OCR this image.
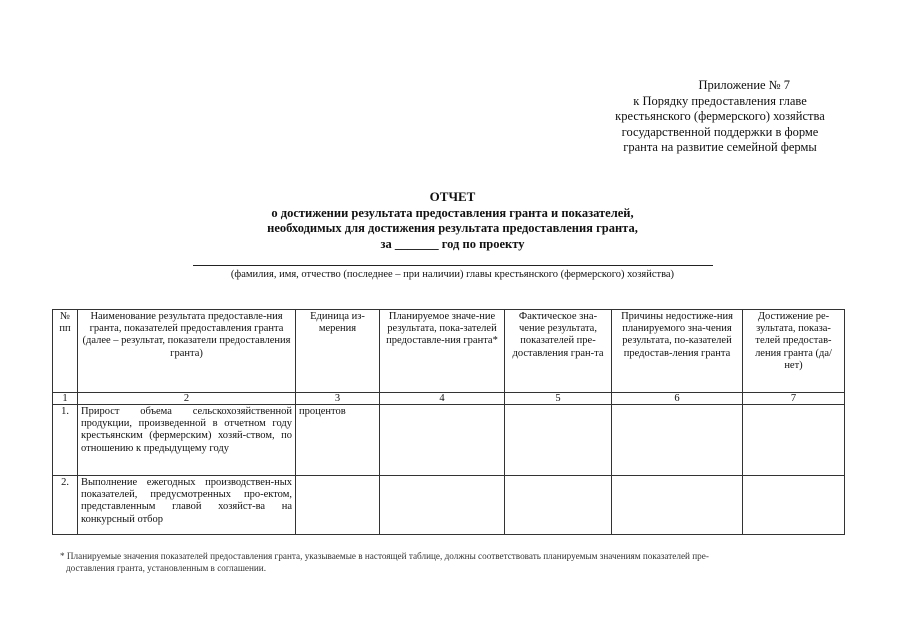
Приложение № 7
к Порядку предоставления главе
крестьянского (фермерского) хозяйства
государственной поддержки в форме
гранта на развитие семейной фермы
ОТЧЕТ
о достижении результата предоставления гранта и показателей,
необходимых для достижения результата предоставления гранта,
за _______ год по проекту
(фамилия, имя, отчество (последнее – при наличии) главы крестьянского (фермерского) хозяйства)
№ пп	Наименование результата предоставле-ния гранта, показателей предоставления гранта (далее – результат, показатели предоставления гранта)	Единица из-мерения	Планируемое значе-ние результата, пока-зателей предоставле-ния гранта*	Фактическое зна-чение результата, показателей пре-доставления гран-та	Причины недостиже-ния планируемого зна-чения результата, по-казателей предостав-ления гранта	Достижение ре-зультата, показа-телей предостав-ления гранта (да/нет)
1	2	3	4	5	6	7
1.	Прирост объема сельскохозяйственной продукции, произведенной в отчетном году крестьянским (фермерским) хозяй-ством, по отношению к предыдущему году	процентов				
2.	Выполнение ежегодных производствен-ных показателей, предусмотренных про-ектом, представленным главой хозяйст-ва на конкурсный отбор					
* Планируемые значения показателей предоставления гранта, указываемые в настоящей таблице, должны соответствовать планируемым значениям показателей пре-
доставления гранта, установленным в соглашении.
